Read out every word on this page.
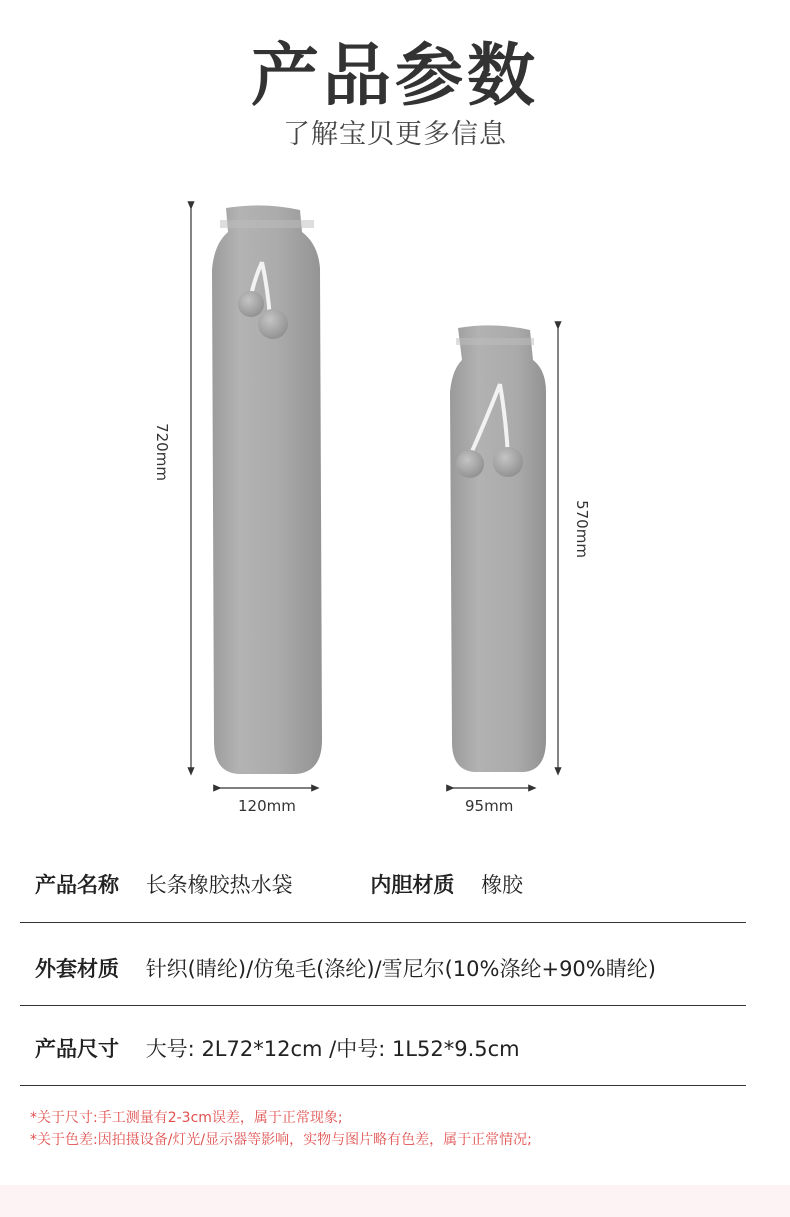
产品参数
了解宝贝更多信息
720mm
120mm
570mm
95mm
产品名称 长条橡胶热水袋	内胆材质 橡胶
外套材质 针织(睛纶)/仿兔毛(涤纶)/雪尼尔(10%涤纶+90%睛纶)
产品尺寸 大号: 2L72*12cm /中号: 1L52*9.5cm
*关于尺寸:手工测量有2-3cm误差，属于正常现象;
*关于色差:因拍摄设备/灯光/显示器等影响，实物与图片略有色差，属于正常情况;
